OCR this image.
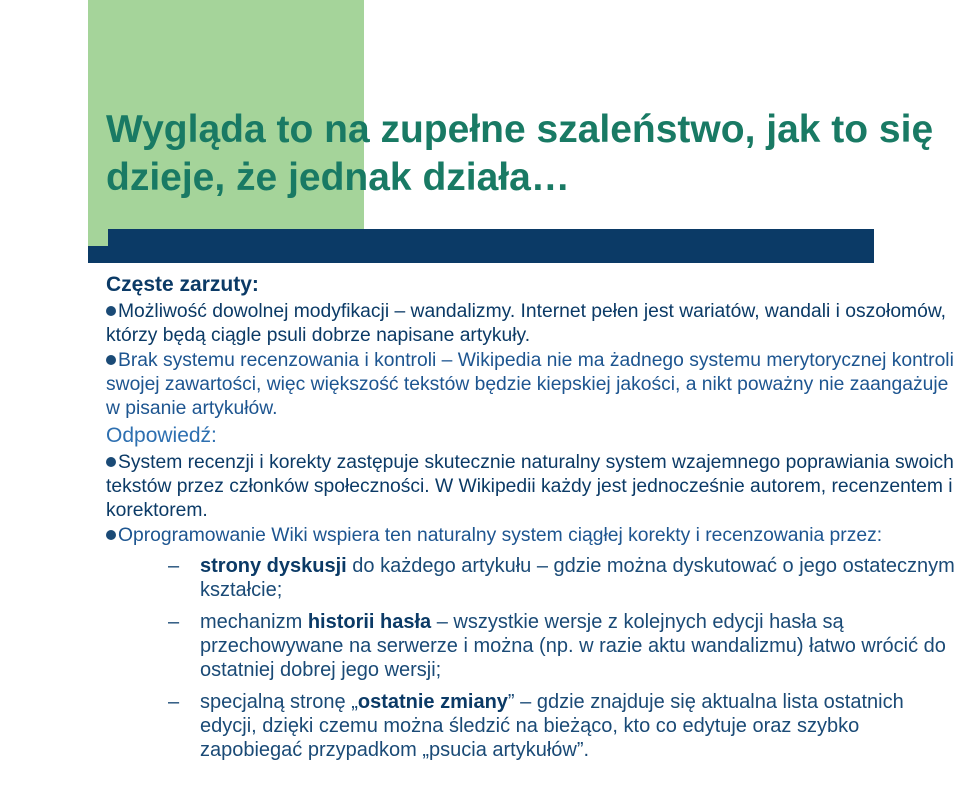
Wygląda to na zupełne szaleństwo, jak to się dzieje, że jednak działa…

Częste zarzuty:

Możliwość dowolnej modyfikacji – wandalizmy. Internet pełen jest wariatów, wandali i oszołomów, którzy będą ciągle psuli dobrze napisane artykuły.

Brak systemu recenzowania i kontroli – Wikipedia nie ma żadnego systemu merytorycznej kontroli swojej zawartości, więc większość tekstów będzie kiepskiej jakości, a nikt poważny nie zaangażuje w pisanie artykułów.

Odpowiedź:

System recenzji i korekty zastępuje skutecznie naturalny system wzajemnego poprawiania swoich tekstów przez członków społeczności. W Wikipedii każdy jest jednocześnie autorem, recenzentem i korektorem.

Oprogramowanie Wiki wspiera ten naturalny system ciągłej korekty i recenzowania przez:

– strony dyskusji do każdego artykułu – gdzie można dyskutować o jego ostatecznym kształcie;
– mechanizm historii hasła – wszystkie wersje z kolejnych edycji hasła są przechowywane na serwerze i można (np. w razie aktu wandalizmu) łatwo wrócić do ostatniej dobrej jego wersji;
– specjalną stronę „ostatnie zmiany” – gdzie znajduje się aktualna lista ostatnich edycji, dzięki czemu można śledzić na bieżąco, kto co edytuje oraz szybko zapobiegać przypadkom „psucia artykułów”.
